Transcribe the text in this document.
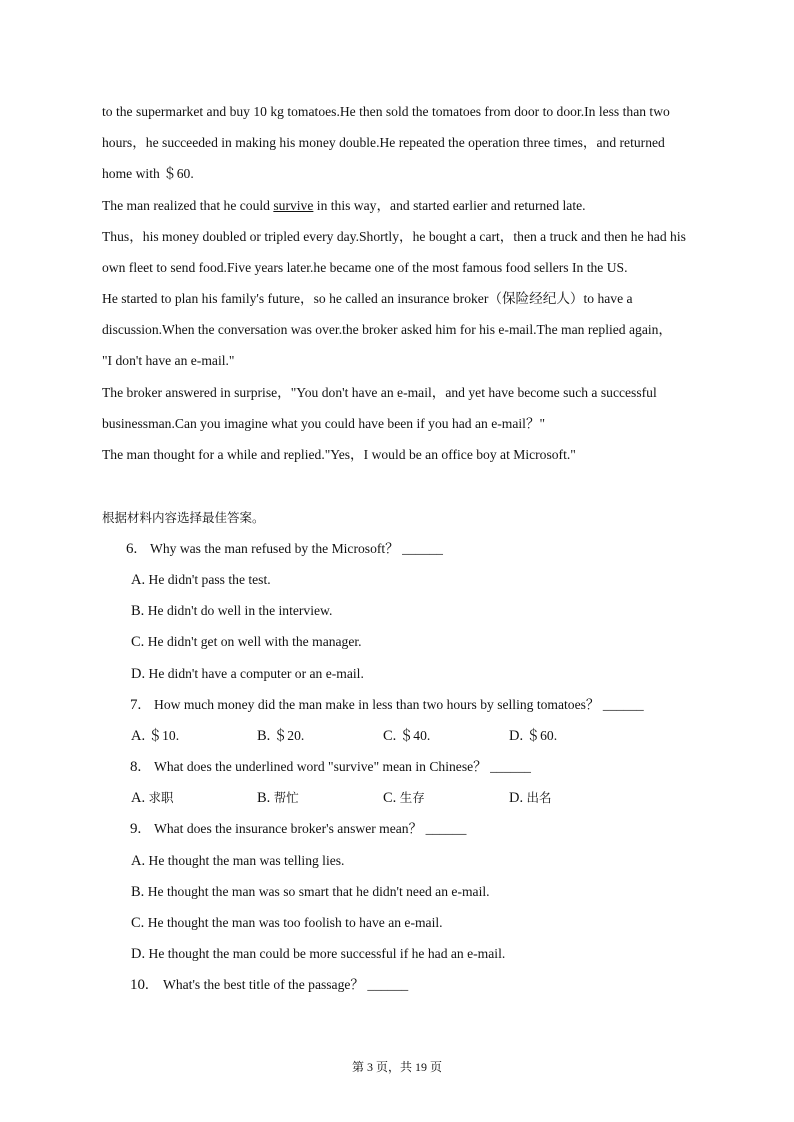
to the supermarket and buy 10 kg tomatoes.He then sold the tomatoes from door to door.In less than two
hours，he succeeded in making his money double.He repeated the operation three times，and returned
home with ＄60.
The man realized that he could survive in this way，and started earlier and returned late.
Thus，his money doubled or tripled every day.Shortly，he bought a cart，then a truck and then he had his
own fleet to send food.Five years later.he became one of the most famous food sellers In the US.
He started to plan his family's future，so he called an insurance broker（保险经纪人）to have a
discussion.When the conversation was over.the broker asked him for his e-mail.The man replied again，
"I don't have an e-mail."
The broker answered in surprise，"You don't have an e-mail，and yet have become such a successful
businessman.Can you imagine what you could have been if you had an e-mail？"
The man thought for a while and replied."Yes，I would be an office boy at Microsoft."
根据材料内容选择最佳答案。
6. Why was the man refused by the Microsoft？ ______
A. He didn't pass the test.
B. He didn't do well in the interview.
C. He didn't get on well with the manager.
D. He didn't have a computer or an e-mail.
7. How much money did the man make in less than two hours by selling tomatoes？ ______
A. ＄10.	B. ＄20.	C. ＄40.	D. ＄60.
8. What does the underlined word "survive" mean in Chinese？ ______
A. 求职	B. 帮忙	C. 生存	D. 出名
9. What does the insurance broker's answer mean？ ______
A. He thought the man was telling lies.
B. He thought the man was so smart that he didn't need an e-mail.
C. He thought the man was too foolish to have an e-mail.
D. He thought the man could be more successful if he had an e-mail.
10. What's the best title of the passage？ ______
第 3 页，共 19 页
